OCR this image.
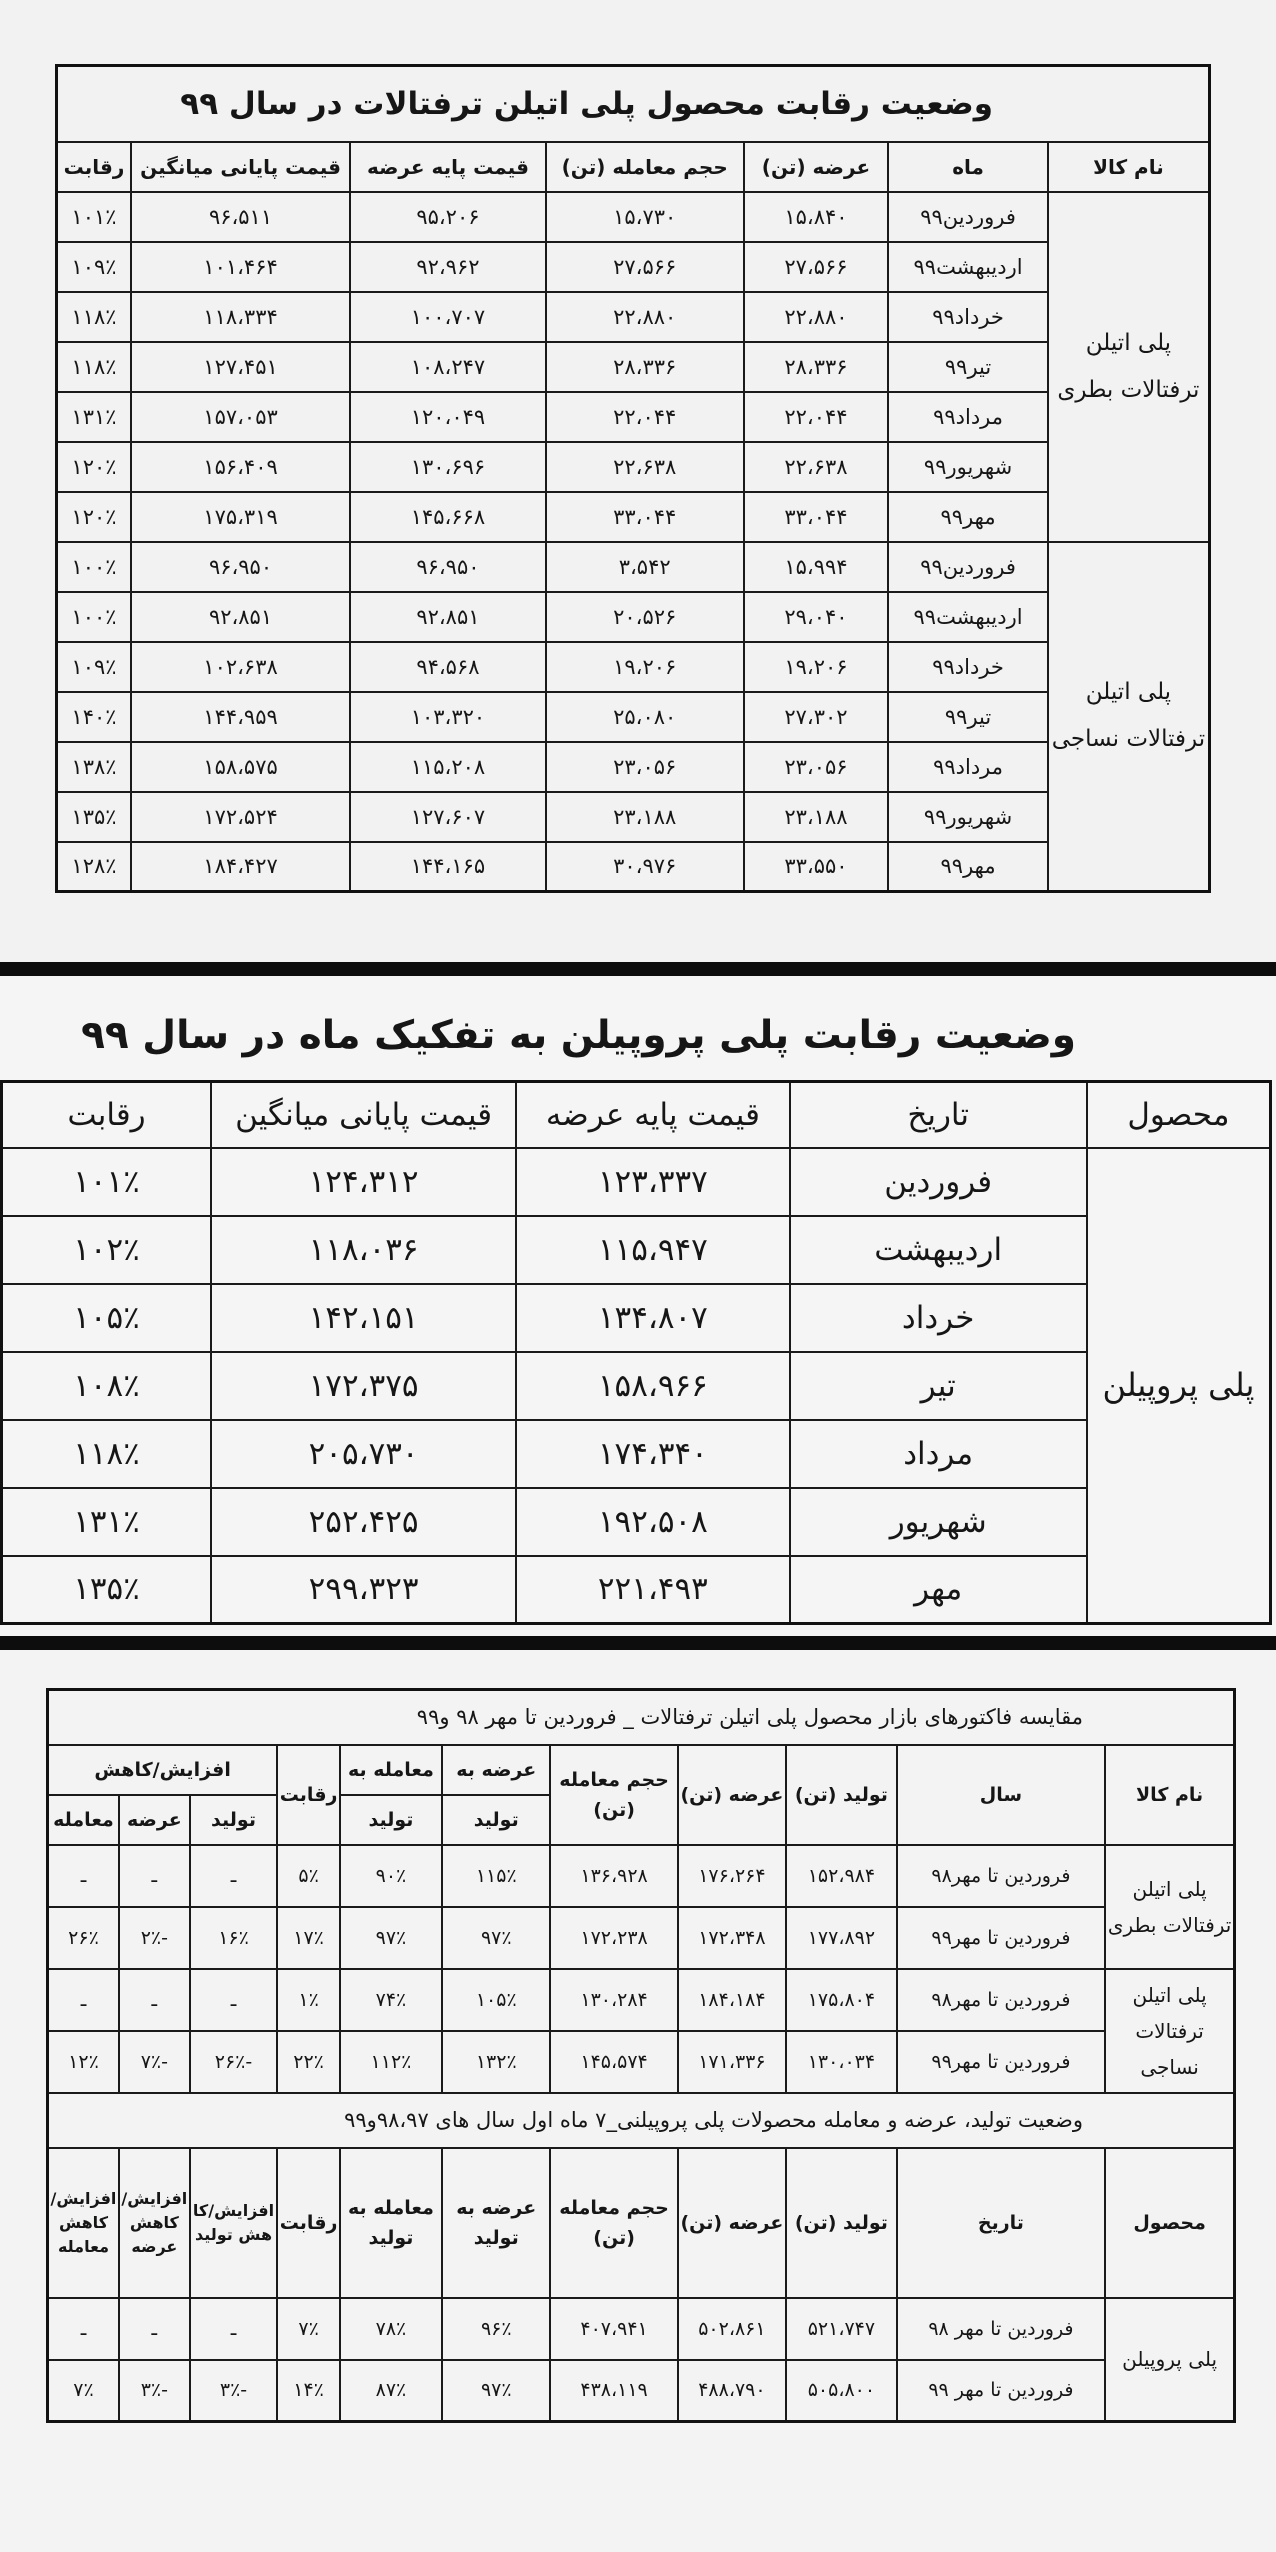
وضعیت رقابت محصول پلی اتیلن ترفتالات در سال ۹۹						
نام کالا	ماه	عرضه (تن)	حجم معامله (تن)	قیمت پایه عرضه	قیمت پایانی میانگین	رقابت
پلی اتیلن ترفتالات بطری	فروردین۹۹	۱۵،۸۴۰	۱۵،۷۳۰	۹۵،۲۰۶	۹۶،۵۱۱	۱۰۱٪
	اردیبهشت۹۹	۲۷،۵۶۶	۲۷،۵۶۶	۹۲،۹۶۲	۱۰۱،۴۶۴	۱۰۹٪
	خرداد۹۹	۲۲،۸۸۰	۲۲،۸۸۰	۱۰۰،۷۰۷	۱۱۸،۳۳۴	۱۱۸٪
	تیر۹۹	۲۸،۳۳۶	۲۸،۳۳۶	۱۰۸،۲۴۷	۱۲۷،۴۵۱	۱۱۸٪
	مرداد۹۹	۲۲،۰۴۴	۲۲،۰۴۴	۱۲۰،۰۴۹	۱۵۷،۰۵۳	۱۳۱٪
	شهریور۹۹	۲۲،۶۳۸	۲۲،۶۳۸	۱۳۰،۶۹۶	۱۵۶،۴۰۹	۱۲۰٪
	مهر۹۹	۳۳،۰۴۴	۳۳،۰۴۴	۱۴۵،۶۶۸	۱۷۵،۳۱۹	۱۲۰٪
پلی اتیلن ترفتالات نساجی	فروردین۹۹	۱۵،۹۹۴	۳،۵۴۲	۹۶،۹۵۰	۹۶،۹۵۰	۱۰۰٪
	اردیبهشت۹۹	۲۹،۰۴۰	۲۰،۵۲۶	۹۲،۸۵۱	۹۲،۸۵۱	۱۰۰٪
	خرداد۹۹	۱۹،۲۰۶	۱۹،۲۰۶	۹۴،۵۶۸	۱۰۲،۶۳۸	۱۰۹٪
	تیر۹۹	۲۷،۳۰۲	۲۵،۰۸۰	۱۰۳،۳۲۰	۱۴۴،۹۵۹	۱۴۰٪
	مرداد۹۹	۲۳،۰۵۶	۲۳،۰۵۶	۱۱۵،۲۰۸	۱۵۸،۵۷۵	۱۳۸٪
	شهریور۹۹	۲۳،۱۸۸	۲۳،۱۸۸	۱۲۷،۶۰۷	۱۷۲،۵۲۴	۱۳۵٪
	مهر۹۹	۳۳،۵۵۰	۳۰،۹۷۶	۱۴۴،۱۶۵	۱۸۴،۴۲۷	۱۲۸٪
وضعیت رقابت پلی پروپیلن به تفکیک ماه در سال ۹۹
محصول	تاریخ	قیمت پایه عرضه	قیمت پایانی میانگین	رقابت
پلی پروپیلن	فروردین	۱۲۳،۳۳۷	۱۲۴،۳۱۲	۱۰۱٪
	اردیبهشت	۱۱۵،۹۴۷	۱۱۸،۰۳۶	۱۰۲٪
	خرداد	۱۳۴،۸۰۷	۱۴۲،۱۵۱	۱۰۵٪
	تیر	۱۵۸،۹۶۶	۱۷۲،۳۷۵	۱۰۸٪
	مرداد	۱۷۴،۳۴۰	۲۰۵،۷۳۰	۱۱۸٪
	شهریور	۱۹۲،۵۰۸	۲۵۲،۴۲۵	۱۳۱٪
	مهر	۲۲۱،۴۹۳	۲۹۹،۳۲۳	۱۳۵٪
مقایسه فاکتورهای بازار محصول پلی اتیلن ترفتالات _ فروردین تا مهر ۹۸ و۹۹										
نام کالا	سال	تولید (تن)	عرضه (تن)	حجم معامله (تن)	عرضه به	معامله به	رقابت	افزایش/کاهش		
					تولید	تولید		تولید	عرضه	معامله
پلی اتیلن ترفتالات بطری	فروردین تا مهر۹۸	۱۵۲،۹۸۴	۱۷۶،۲۶۴	۱۳۶،۹۲۸	۱۱۵٪	۹۰٪	۵٪	ـ	ـ	ـ
	فروردین تا مهر۹۹	۱۷۷،۸۹۲	۱۷۲،۳۴۸	۱۷۲،۲۳۸	۹۷٪	۹۷٪	۱۷٪	۱۶٪	-۲٪	۲۶٪
پلی اتیلن ترفتالات نساجی	فروردین تا مهر۹۸	۱۷۵،۸۰۴	۱۸۴،۱۸۴	۱۳۰،۲۸۴	۱۰۵٪	۷۴٪	۱٪	ـ	ـ	ـ
	فروردین تا مهر۹۹	۱۳۰،۰۳۴	۱۷۱،۳۳۶	۱۴۵،۵۷۴	۱۳۲٪	۱۱۲٪	۲۲٪	-۲۶٪	-۷٪	۱۲٪
وضعیت تولید، عرضه و معامله محصولات پلی پروپیلنی_۷ ماه اول سال های ۹۸،۹۷و۹۹										
محصول	تاریخ	تولید (تن)	عرضه (تن)	حجم معامله (تن)	عرضه به تولید	معامله به تولید	رقابت	افزایش/کا هش تولید	افزایش/ کاهش عرضه	افزایش/ کاهش معامله
پلی پروپیلن	فروردین تا مهر ۹۸	۵۲۱،۷۴۷	۵۰۲،۸۶۱	۴۰۷،۹۴۱	۹۶٪	۷۸٪	۷٪	ـ	ـ	ـ
	فروردین تا مهر ۹۹	۵۰۵،۸۰۰	۴۸۸،۷۹۰	۴۳۸،۱۱۹	۹۷٪	۸۷٪	۱۴٪	-۳٪	-۳٪	۷٪
